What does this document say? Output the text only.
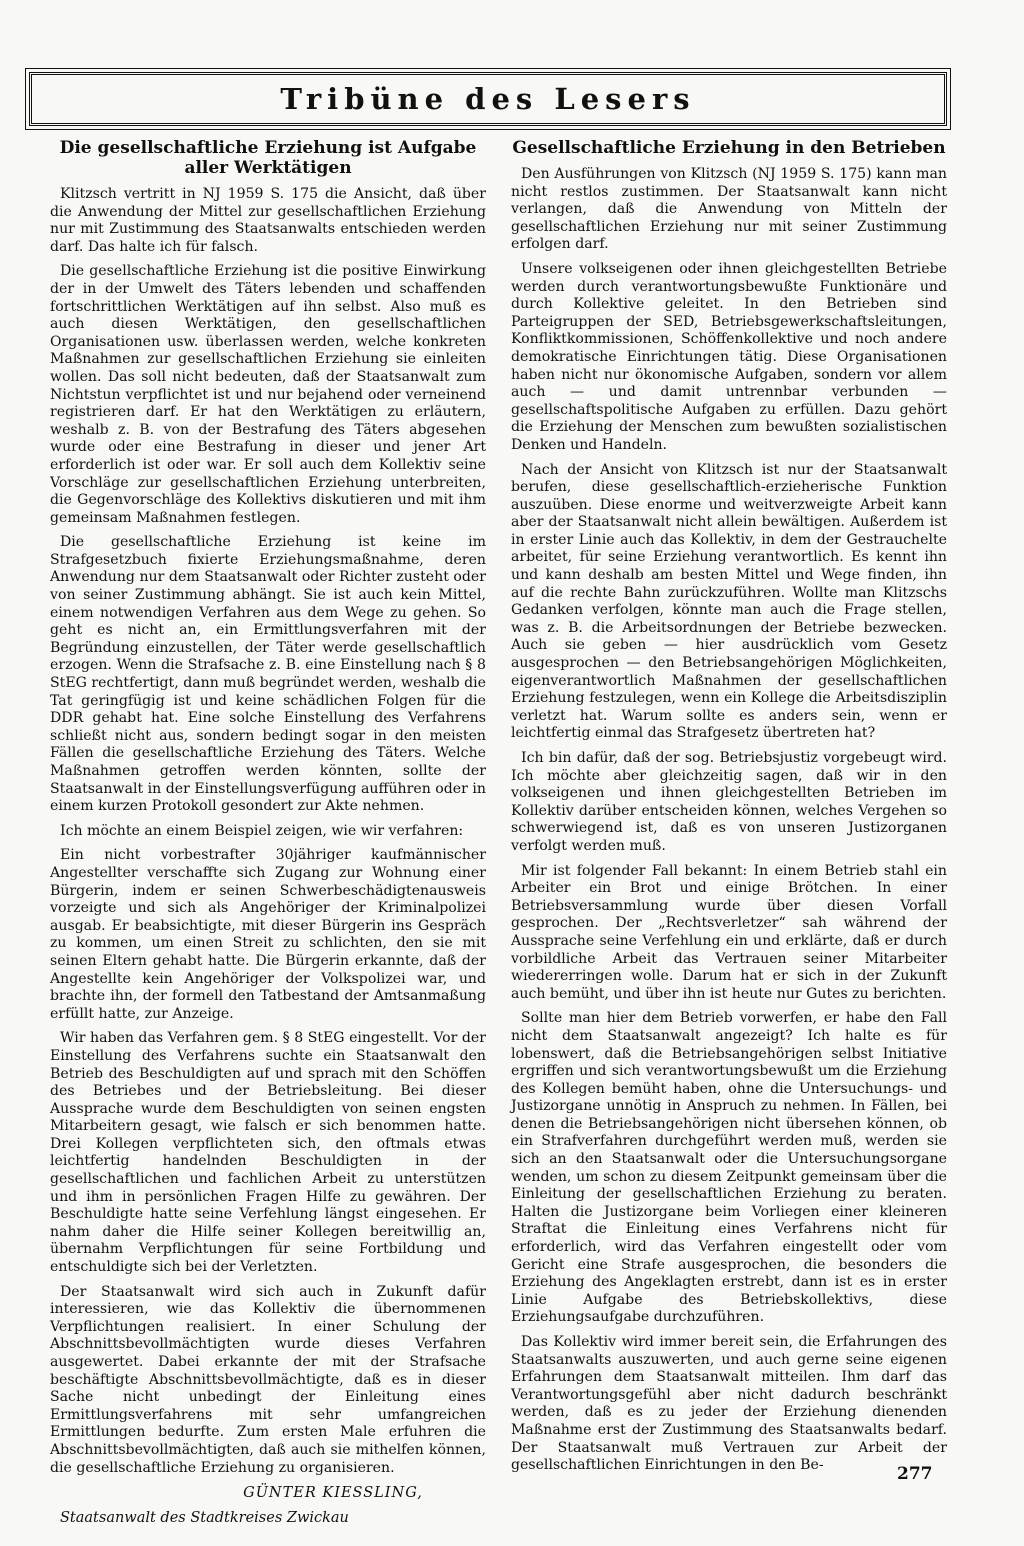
Tribüne des Lesers
Die gesellschaftliche Erziehung ist Aufgabe aller Werktätigen

Klitzsch vertritt in NJ 1959 S. 175 die Ansicht, daß über die Anwendung der Mittel zur gesellschaftlichen Erziehung nur mit Zustimmung des Staatsanwalts entschieden werden darf. Das halte ich für falsch.

Die gesellschaftliche Erziehung ist die positive Einwirkung der in der Umwelt des Täters lebenden und schaffenden fortschrittlichen Werktätigen auf ihn selbst. Also muß es auch diesen Werktätigen, den gesellschaftlichen Organisationen usw. überlassen werden, welche konkreten Maßnahmen zur gesellschaftlichen Erziehung sie einleiten wollen. Das soll nicht bedeuten, daß der Staatsanwalt zum Nichtstun verpflichtet ist und nur bejahend oder verneinend registrieren darf. Er hat den Werktätigen zu erläutern, weshalb z. B. von der Bestrafung des Täters abgesehen wurde oder eine Bestrafung in dieser und jener Art erforderlich ist oder war. Er soll auch dem Kollektiv seine Vorschläge zur gesellschaftlichen Erziehung unterbreiten, die Gegenvorschläge des Kollektivs diskutieren und mit ihm gemeinsam Maßnahmen festlegen.

Die gesellschaftliche Erziehung ist keine im Strafgesetzbuch fixierte Erziehungsmaßnahme, deren Anwendung nur dem Staatsanwalt oder Richter zusteht oder von seiner Zustimmung abhängt. Sie ist auch kein Mittel, einem notwendigen Verfahren aus dem Wege zu gehen. So geht es nicht an, ein Ermittlungsverfahren mit der Begründung einzustellen, der Täter werde gesellschaftlich erzogen. Wenn die Strafsache z. B. eine Einstellung nach § 8 StEG rechtfertigt, dann muß begründet werden, weshalb die Tat geringfügig ist und keine schädlichen Folgen für die DDR gehabt hat. Eine solche Einstellung des Verfahrens schließt nicht aus, sondern bedingt sogar in den meisten Fällen die gesellschaftliche Erziehung des Täters. Welche Maßnahmen getroffen werden könnten, sollte der Staatsanwalt in der Einstellungsverfügung aufführen oder in einem kurzen Protokoll gesondert zur Akte nehmen.

Ich möchte an einem Beispiel zeigen, wie wir verfahren:

Ein nicht vorbestrafter 30jähriger kaufmännischer Angestellter verschaffte sich Zugang zur Wohnung einer Bürgerin, indem er seinen Schwerbeschädigtenausweis vorzeigte und sich als Angehöriger der Kriminalpolizei ausgab. Er beabsichtigte, mit dieser Bürgerin ins Gespräch zu kommen, um einen Streit zu schlichten, den sie mit seinen Eltern gehabt hatte. Die Bürgerin erkannte, daß der Angestellte kein Angehöriger der Volkspolizei war, und brachte ihn, der formell den Tatbestand der Amtsanmaßung erfüllt hatte, zur Anzeige.

Wir haben das Verfahren gem. § 8 StEG eingestellt. Vor der Einstellung des Verfahrens suchte ein Staatsanwalt den Betrieb des Beschuldigten auf und sprach mit den Schöffen des Betriebes und der Betriebsleitung. Bei dieser Aussprache wurde dem Beschuldigten von seinen engsten Mitarbeitern gesagt, wie falsch er sich benommen hatte. Drei Kollegen verpflichteten sich, den oftmals etwas leichtfertig handelnden Beschuldigten in der gesellschaftlichen und fachlichen Arbeit zu unterstützen und ihm in persönlichen Fragen Hilfe zu gewähren. Der Beschuldigte hatte seine Verfehlung längst eingesehen. Er nahm daher die Hilfe seiner Kollegen bereitwillig an, übernahm Verpflichtungen für seine Fortbildung und entschuldigte sich bei der Verletzten.

Der Staatsanwalt wird sich auch in Zukunft dafür interessieren, wie das Kollektiv die übernommenen Verpflichtungen realisiert. In einer Schulung der Abschnittsbevollmächtigten wurde dieses Verfahren ausgewertet. Dabei erkannte der mit der Strafsache beschäftigte Abschnittsbevollmächtigte, daß es in dieser Sache nicht unbedingt der Einleitung eines Ermittlungsverfahrens mit sehr umfangreichen Ermittlungen bedurfte. Zum ersten Male erfuhren die Abschnittsbevollmächtigten, daß auch sie mithelfen können, die gesellschaftliche Erziehung zu organisieren.

GÜNTER KIESSLING,

Staatsanwalt des Stadtkreises Zwickau

Gesellschaftliche Erziehung in den Betrieben

Den Ausführungen von Klitzsch (NJ 1959 S. 175) kann man nicht restlos zustimmen. Der Staatsanwalt kann nicht verlangen, daß die Anwendung von Mitteln der gesellschaftlichen Erziehung nur mit seiner Zustimmung erfolgen darf.

Unsere volkseigenen oder ihnen gleichgestellten Betriebe werden durch verantwortungsbewußte Funktionäre und durch Kollektive geleitet. In den Betrieben sind Parteigruppen der SED, Betriebsgewerkschaftsleitungen, Konfliktkommissionen, Schöffenkollektive und noch andere demokratische Einrichtungen tätig. Diese Organisationen haben nicht nur ökonomische Aufgaben, sondern vor allem auch — und damit untrennbar verbunden — gesellschaftspolitische Aufgaben zu erfüllen. Dazu gehört die Erziehung der Menschen zum bewußten sozialistischen Denken und Handeln.

Nach der Ansicht von Klitzsch ist nur der Staatsanwalt berufen, diese gesellschaftlich-erzieherische Funktion auszuüben. Diese enorme und weitverzweigte Arbeit kann aber der Staatsanwalt nicht allein bewältigen. Außerdem ist in erster Linie auch das Kollektiv, in dem der Gestrauchelte arbeitet, für seine Erziehung verantwortlich. Es kennt ihn und kann deshalb am besten Mittel und Wege finden, ihn auf die rechte Bahn zurückzuführen. Wollte man Klitzschs Gedanken verfolgen, könnte man auch die Frage stellen, was z. B. die Arbeitsordnungen der Betriebe bezwecken. Auch sie geben — hier ausdrücklich vom Gesetz ausgesprochen — den Betriebsangehörigen Möglichkeiten, eigenverantwortlich Maßnahmen der gesellschaftlichen Erziehung festzulegen, wenn ein Kollege die Arbeitsdisziplin verletzt hat. Warum sollte es anders sein, wenn er leichtfertig einmal das Strafgesetz übertreten hat?

Ich bin dafür, daß der sog. Betriebsjustiz vorgebeugt wird. Ich möchte aber gleichzeitig sagen, daß wir in den volkseigenen und ihnen gleichgestellten Betrieben im Kollektiv darüber entscheiden können, welches Vergehen so schwerwiegend ist, daß es von unseren Justizorganen verfolgt werden muß.

Mir ist folgender Fall bekannt: In einem Betrieb stahl ein Arbeiter ein Brot und einige Brötchen. In einer Betriebsversammlung wurde über diesen Vorfall gesprochen. Der „Rechtsverletzer“ sah während der Aussprache seine Verfehlung ein und erklärte, daß er durch vorbildliche Arbeit das Vertrauen seiner Mitarbeiter wiedererringen wolle. Darum hat er sich in der Zukunft auch bemüht, und über ihn ist heute nur Gutes zu berichten.

Sollte man hier dem Betrieb vorwerfen, er habe den Fall nicht dem Staatsanwalt angezeigt? Ich halte es für lobenswert, daß die Betriebsangehörigen selbst Initiative ergriffen und sich verantwortungsbewußt um die Erziehung des Kollegen bemüht haben, ohne die Untersuchungs- und Justizorgane unnötig in Anspruch zu nehmen. In Fällen, bei denen die Betriebsangehörigen nicht übersehen können, ob ein Strafverfahren durchgeführt werden muß, werden sie sich an den Staatsanwalt oder die Untersuchungsorgane wenden, um schon zu diesem Zeitpunkt gemeinsam über die Einleitung der gesellschaftlichen Erziehung zu beraten. Halten die Justizorgane beim Vorliegen einer kleineren Straftat die Einleitung eines Verfahrens nicht für erforderlich, wird das Verfahren eingestellt oder vom Gericht eine Strafe ausgesprochen, die besonders die Erziehung des Angeklagten erstrebt, dann ist es in erster Linie Aufgabe des Betriebskollektivs, diese Erziehungsaufgabe durchzuführen.

Das Kollektiv wird immer bereit sein, die Erfahrungen des Staatsanwalts auszuwerten, und auch gerne seine eigenen Erfahrungen dem Staatsanwalt mitteilen. Ihm darf das Verantwortungsgefühl aber nicht dadurch beschränkt werden, daß es zu jeder der Erziehung dienenden Maßnahme erst der Zustimmung des Staatsanwalts bedarf. Der Staatsanwalt muß Vertrauen zur Arbeit der gesellschaftlichen Einrichtungen in den Be-	277
